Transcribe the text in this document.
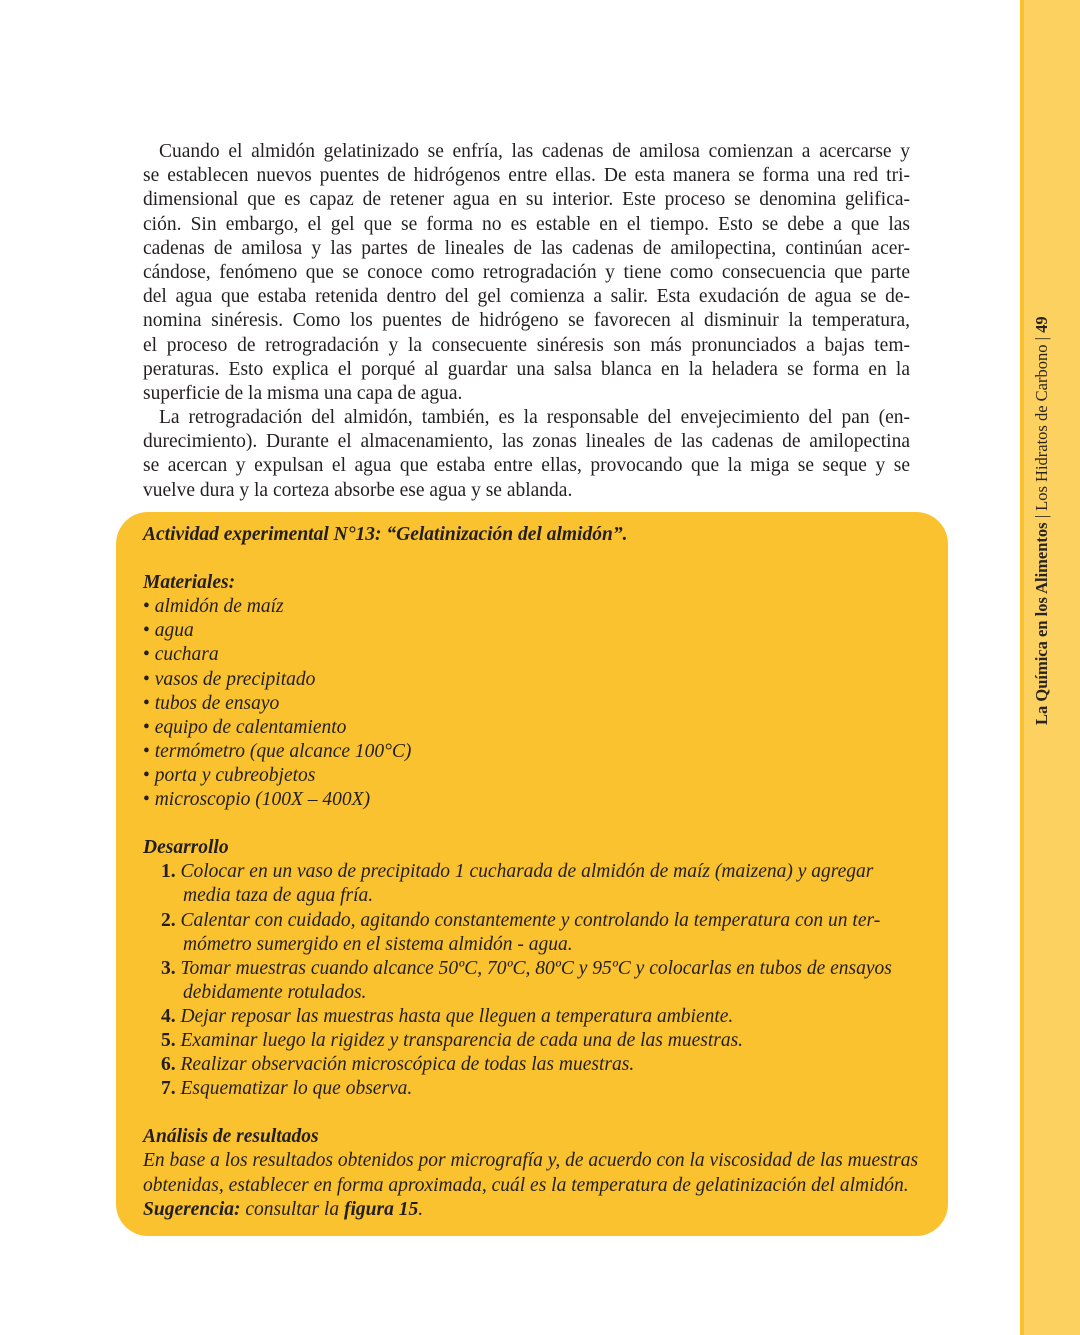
La Química en los Alimentos | Los Hidratos de Carbono | 49
Cuando el almidón gelatinizado se enfría, las cadenas de amilosa comienzan a acercarse y
se establecen nuevos puentes de hidrógenos entre ellas. De esta manera se forma una red tri-
dimensional que es capaz de retener agua en su interior. Este proceso se denomina gelifica-
ción. Sin embargo, el gel que se forma no es estable en el tiempo. Esto se debe a que las
cadenas de amilosa y las partes de lineales de las cadenas de amilopectina, continúan acer-
cándose, fenómeno que se conoce como retrogradación y tiene como consecuencia que parte
del agua que estaba retenida dentro del gel comienza a salir. Esta exudación de agua se de-
nomina sinéresis. Como los puentes de hidrógeno se favorecen al disminuir la temperatura,
el proceso de retrogradación y la consecuente sinéresis son más pronunciados a bajas tem-
peraturas. Esto explica el porqué al guardar una salsa blanca en la heladera se forma en la
superficie de la misma una capa de agua.
La retrogradación del almidón, también, es la responsable del envejecimiento del pan (en-
durecimiento). Durante el almacenamiento, las zonas lineales de las cadenas de amilopectina
se acercan y expulsan el agua que estaba entre ellas, provocando que la miga se seque y se
vuelve dura y la corteza absorbe ese agua y se ablanda.
Actividad experimental N°13: “Gelatinización del almidón”.
Materiales:
• almidón de maíz
• agua
• cuchara
• vasos de precipitado
• tubos de ensayo
• equipo de calentamiento
• termómetro (que alcance 100°C)
• porta y cubreobjetos
• microscopio (100X – 400X)
Desarrollo
1. Colocar en un vaso de precipitado 1 cucharada de almidón de maíz (maizena) y agregar
media taza de agua fría.
2. Calentar con cuidado, agitando constantemente y controlando la temperatura con un ter-
mómetro sumergido en el sistema almidón - agua.
3. Tomar muestras cuando alcance 50ºC, 70ºC, 80ºC y 95ºC y colocarlas en tubos de ensayos
debidamente rotulados.
4. Dejar reposar las muestras hasta que lleguen a temperatura ambiente.
5. Examinar luego la rigidez y transparencia de cada una de las muestras.
6. Realizar observación microscópica de todas las muestras.
7. Esquematizar lo que observa.
Análisis de resultados
En base a los resultados obtenidos por micrografía y, de acuerdo con la viscosidad de las muestras
obtenidas, establecer en forma aproximada, cuál es la temperatura de gelatinización del almidón.
Sugerencia: consultar la figura 15.
